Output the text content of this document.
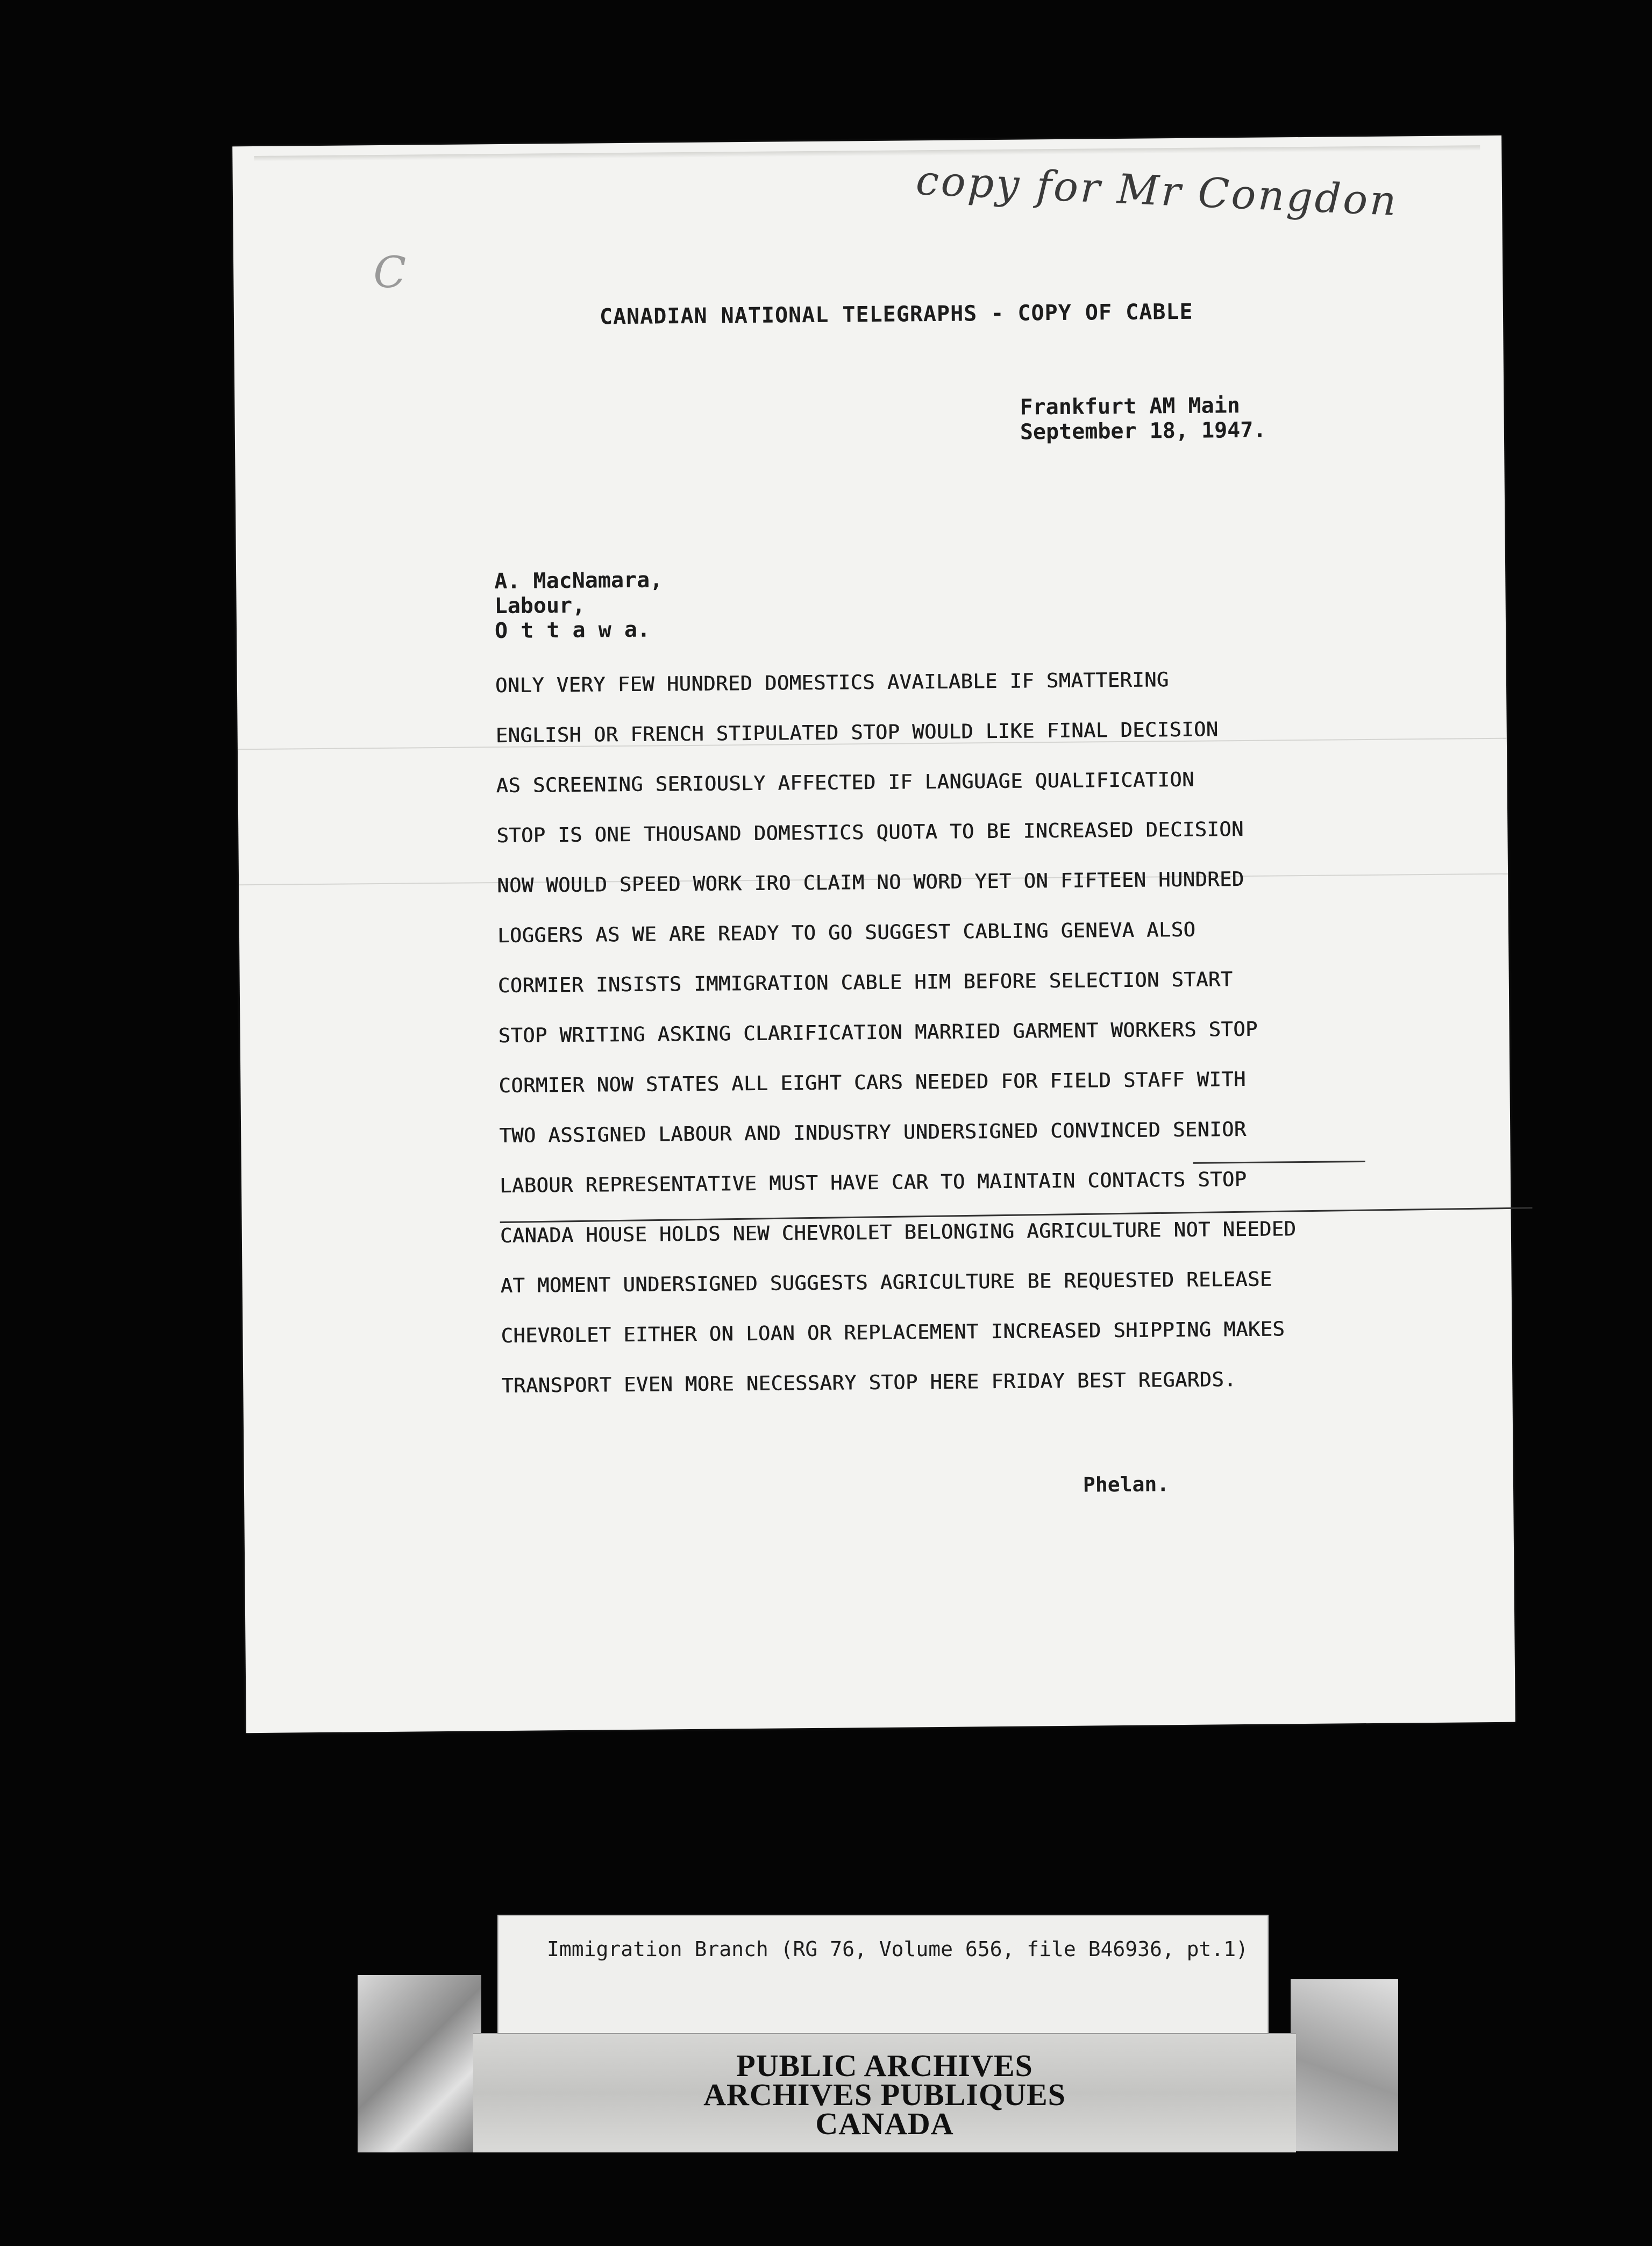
copy for Mr Congdon
C
CANADIAN NATIONAL TELEGRAPHS - COPY OF CABLE
Frankfurt AM Main
September 18, 1947.
A. MacNamara,
Labour,
O t t a w a.
ONLY VERY FEW HUNDRED DOMESTICS AVAILABLE IF SMATTERING
ENGLISH OR FRENCH STIPULATED STOP WOULD LIKE FINAL DECISION
AS SCREENING SERIOUSLY AFFECTED IF LANGUAGE QUALIFICATION
STOP IS ONE THOUSAND DOMESTICS QUOTA TO BE INCREASED DECISION
NOW WOULD SPEED WORK IRO CLAIM NO WORD YET ON FIFTEEN HUNDRED
LOGGERS AS WE ARE READY TO GO SUGGEST CABLING GENEVA ALSO
CORMIER INSISTS IMMIGRATION CABLE HIM BEFORE SELECTION START
STOP WRITING ASKING CLARIFICATION MARRIED GARMENT WORKERS STOP
CORMIER NOW STATES ALL EIGHT CARS NEEDED FOR FIELD STAFF WITH
TWO ASSIGNED LABOUR AND INDUSTRY UNDERSIGNED CONVINCED SENIOR
LABOUR REPRESENTATIVE MUST HAVE CAR TO MAINTAIN CONTACTS STOP
CANADA HOUSE HOLDS NEW CHEVROLET BELONGING AGRICULTURE NOT NEEDED
AT MOMENT UNDERSIGNED SUGGESTS AGRICULTURE BE REQUESTED RELEASE
CHEVROLET EITHER ON LOAN OR REPLACEMENT INCREASED SHIPPING MAKES
TRANSPORT EVEN MORE NECESSARY STOP HERE FRIDAY BEST REGARDS.
Phelan.
Immigration Branch (RG 76, Volume 656, file B46936, pt.1)
PUBLIC ARCHIVES
ARCHIVES PUBLIQUES
CANADA
